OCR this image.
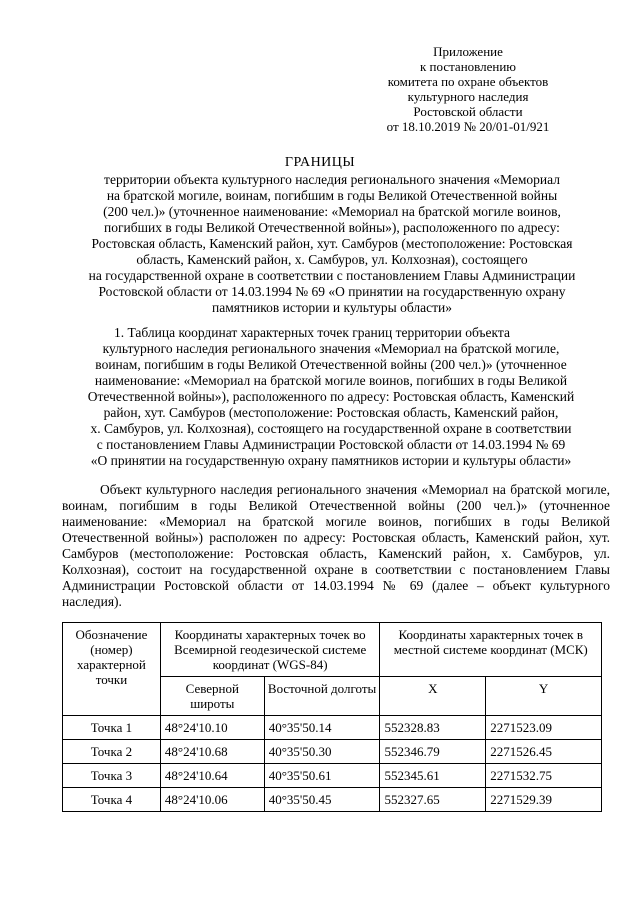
Приложение
к постановлению
комитета по охране объектов
культурного наследия
Ростовской области
от 18.10.2019 № 20/01-01/921
ГРАНИЦЫ
территории объекта культурного наследия регионального значения «Мемориал
на братской могиле, воинам, погибшим в годы Великой Отечественной войны
(200 чел.)» (уточненное наименование: «Мемориал на братской могиле воинов,
погибших в годы Великой Отечественной войны»), расположенного по адресу:
Ростовская область, Каменский район, хут. Самбуров (местоположение: Ростовская
область, Каменский район, х. Самбуров, ул. Колхозная), состоящего
на государственной охране в соответствии с постановлением Главы Администрации
Ростовской области от 14.03.1994 № 69 «О принятии на государственную охрану
памятников истории и культуры области»
1. Таблица координат характерных точек границ территории объекта
культурного наследия регионального значения «Мемориал на братской могиле,
воинам, погибшим в годы Великой Отечественной войны (200 чел.)» (уточненное
наименование: «Мемориал на братской могиле воинов, погибших в годы Великой
Отечественной войны»), расположенного по адресу: Ростовская область, Каменский
район, хут. Самбуров (местоположение: Ростовская область, Каменский район,
х. Самбуров, ул. Колхозная), состоящего на государственной охране в соответствии
с постановлением Главы Администрации Ростовской области от 14.03.1994 № 69
«О принятии на государственную охрану памятников истории и культуры области»
Объект культурного наследия регионального значения «Мемориал на братской могиле, воинам, погибшим в годы Великой Отечественной войны (200 чел.)» (уточненное наименование: «Мемориал на братской могиле воинов, погибших в годы Великой Отечественной войны») расположен по адресу: Ростовская область, Каменский район, хут. Самбуров (местоположение: Ростовская область, Каменский район, х. Самбуров, ул. Колхозная), состоит на государственной охране в соответствии с постановлением Главы Администрации Ростовской области от 14.03.1994 № 69 (далее – объект культурного наследия).
Обозначение (номер) характерной точки	Координаты характерных точек во Всемирной геодезической системе координат (WGS-84)		Координаты характерных точек в местной системе координат (МСК)	
	Северной широты	Восточной долготы	X	Y
Точка 1	48°24'10.10	40°35'50.14	552328.83	2271523.09
Точка 2	48°24'10.68	40°35'50.30	552346.79	2271526.45
Точка 3	48°24'10.64	40°35'50.61	552345.61	2271532.75
Точка 4	48°24'10.06	40°35'50.45	552327.65	2271529.39
